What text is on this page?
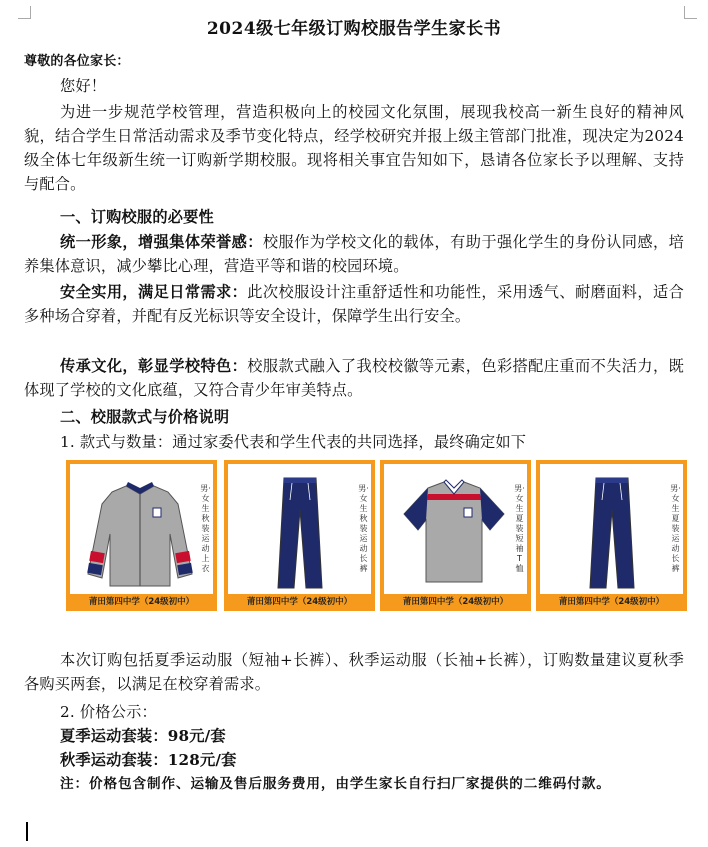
2024级七年级订购校服告学生家长书
尊敬的各位家长：
您好！
为进一步规范学校管理，营造积极向上的校园文化氛围，展现我校高一新生良好的精神风貌，结合学生日常活动需求及季节变化特点，经学校研究并报上级主管部门批准，现决定为2024级全体七年级新生统一订购新学期校服。现将相关事宜告知如下，恳请各位家长予以理解、支持与配合。
一、订购校服的必要性
统一形象，增强集体荣誉感：校服作为学校文化的载体，有助于强化学生的身份认同感，培养集体意识，减少攀比心理，营造平等和谐的校园环境。
安全实用，满足日常需求：此次校服设计注重舒适性和功能性，采用透气、耐磨面料，适合多种场合穿着，并配有反光标识等安全设计，保障学生出行安全。
传承文化，彰显学校特色：校服款式融入了我校校徽等元素，色彩搭配庄重而不失活力，既体现了学校的文化底蕴，又符合青少年审美特点。
二、校服款式与价格说明
1. 款式与数量：通过家委代表和学生代表的共同选择，最终确定如下
男·女生秋装运动上衣
莆田第四中学（24级初中）
男·女生秋装运动长裤
莆田第四中学（24级初中）
男·女生夏装短袖T恤
莆田第四中学（24级初中）
男·女生夏装运动长裤
莆田第四中学（24级初中）
本次订购包括夏季运动服（短袖+长裤）、秋季运动服（长袖+长裤），订购数量建议夏秋季各购买两套，以满足在校穿着需求。
2. 价格公示：
夏季运动套装：98元/套
秋季运动套装：128元/套
注：价格包含制作、运输及售后服务费用，由学生家长自行扫厂家提供的二维码付款。
